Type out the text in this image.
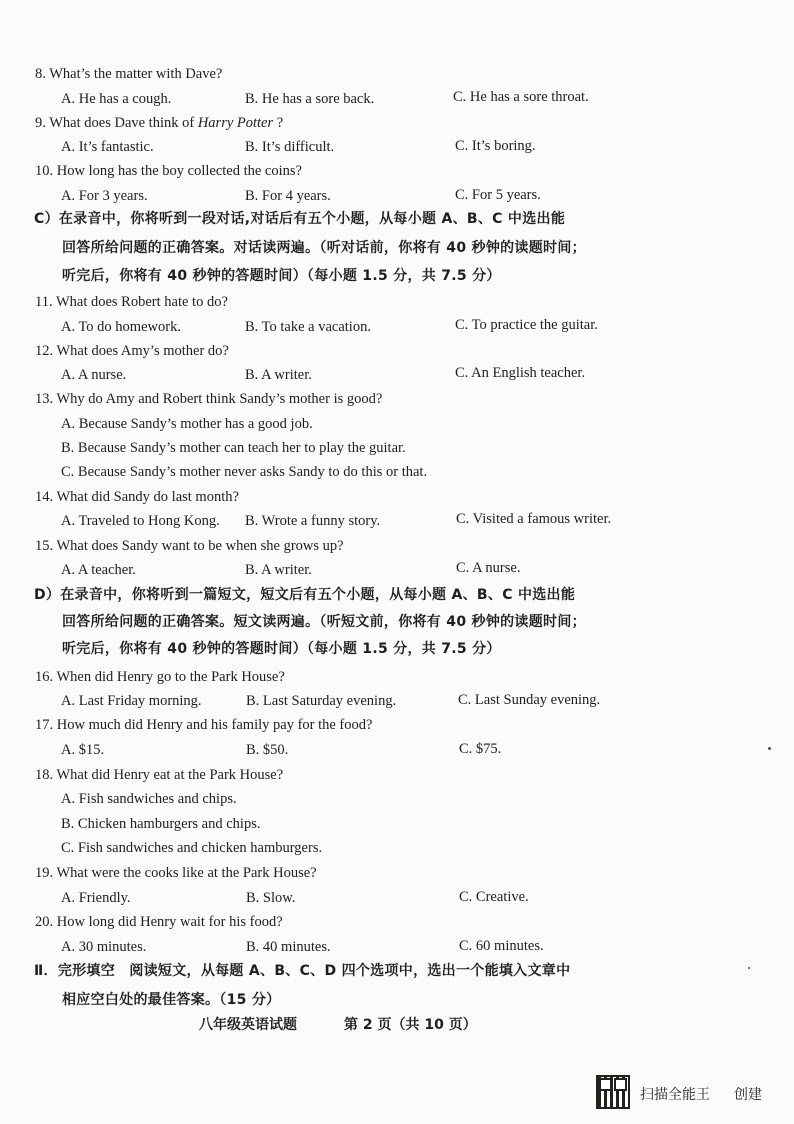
8. What’s the matter with Dave?
A. He has a cough.	B. He has a sore back.	C. He has a sore throat.
9. What does Dave think of Harry Potter ?
A. It’s fantastic.	B. It’s difficult.	C. It’s boring.
10. How long has the boy collected the coins?
A. For 3 years.	B. For 4 years.	C. For 5 years.
C）在录音中，你将听到一段对话,对话后有五个小题，从每小题 A、B、C 中选出能
回答所给问题的正确答案。对话读两遍。（听对话前，你将有 40 秒钟的读题时间；
听完后，你将有 40 秒钟的答题时间）（每小题 1.5 分，共 7.5 分）
11. What does Robert hate to do?
A. To do homework.	B. To take a vacation.	C. To practice the guitar.
12. What does Amy’s mother do?
A. A nurse.	B. A writer.	C. An English teacher.
13. Why do Amy and Robert think Sandy’s mother is good?
A. Because Sandy’s mother has a good job.
B. Because Sandy’s mother can teach her to play the guitar.
C. Because Sandy’s mother never asks Sandy to do this or that.
14. What did Sandy do last month?
A. Traveled to Hong Kong. B. Wrote a funny story.	C. Visited a famous writer.
15. What does Sandy want to be when she grows up?
A. A teacher.	B. A writer.	C. A nurse.
D）在录音中，你将听到一篇短文，短文后有五个小题，从每小题 A、B、C 中选出能
回答所给问题的正确答案。短文读两遍。（听短文前，你将有 40 秒钟的读题时间；
听完后，你将有 40 秒钟的答题时间）（每小题 1.5 分，共 7.5 分）
16. When did Henry go to the Park House?
A. Last Friday morning.	B. Last Saturday evening.	C. Last Sunday evening.
17. How much did Henry and his family pay for the food?
A. $15.	B. $50.	C. $75.
18. What did Henry eat at the Park House?
A. Fish sandwiches and chips.
B. Chicken hamburgers and chips.
C. Fish sandwiches and chicken hamburgers.
19. What were the cooks like at the Park House?
A. Friendly.	B. Slow.	C. Creative.
20. How long did Henry wait for his food?
A. 30 minutes.	B. 40 minutes.	C. 60 minutes.
Ⅱ．完形填空　阅读短文，从每题 A、B、C、D 四个选项中，选出一个能填入文章中
相应空白处的最佳答案。（15 分）
八年级英语试题	第 2 页（共 10 页）
扫描全能王 创建
